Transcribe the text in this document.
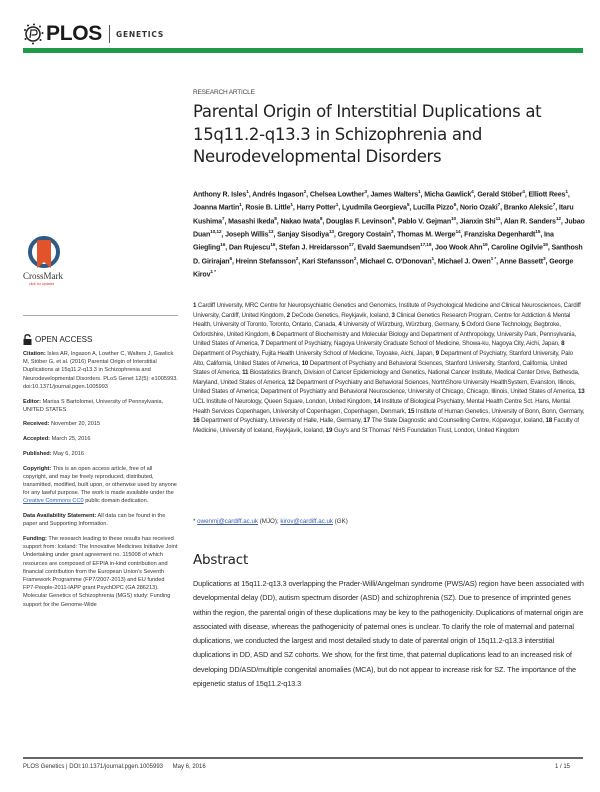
PLOS GENETICS
CrossMark
click for updates
OPEN ACCESS

Citation: Isles AR, Ingason A, Lowther C, Walters J, Gawlick M, Stöber G, et al. (2016) Parental Origin of Interstitial Duplications at 15q11.2-q13.3 in Schizophrenia and Neurodevelopmental Disorders. PLoS Genet 12(5): e1005993. doi:10.1371/journal.pgen.1005993

Editor: Marisa S Bartolomei, University of Pennsylvania, UNITED STATES

Received: November 20, 2015

Accepted: March 25, 2016

Published: May 6, 2016

Copyright: This is an open access article, free of all copyright, and may be freely reproduced, distributed, transmitted, modified, built upon, or otherwise used by anyone for any lawful purpose. The work is made available under the Creative Commons CC0 public domain dedication.

Data Availability Statement: All data can be found in the paper and Supporting Information.

Funding: The research leading to these results has received support from: Iceland: The Innovative Medicines Initiative Joint Undertaking under grant agreement no. 115008 of which resources are composed of EFPIA in-kind contribution and financial contribution from the European Union's Seventh Framework Programme (FP7/2007-2013) and EU funded FP7-People-2011-IAPP grant PsychDPC (GA 286213). Molecular Genetics of Schizophrenia (MGS) study: Funding support for the Genome-Wide

RESEARCH ARTICLE
Parental Origin of Interstitial Duplications at
15q11.2-q13.3 in Schizophrenia and
Neurodevelopmental Disorders
Anthony R. Isles$^1$, Andrés Ingason$^2$, Chelsea Lowther$^3$, James Walters$^1$, Micha Gawlick$^4$, Gerald Stöber$^4$, Elliott Rees$^1$, Joanna Martin$^1$, Rosie B. Little$^1$, Harry Potter$^1$, Lyudmila Georgieva$^5$, Lucilla Pizzo$^6$, Norio Ozaki$^7$, Branko Aleksic$^7$, Itaru Kushima$^7$, Masashi Ikeda$^8$, Nakao Iwata$^8$, Douglas F. Levinson$^9$, Pablo V. Gejman$^{10}$, Jianxin Shi$^{11}$, Alan R. Sanders$^{12}$, Jubao Duan$^{10,12}$, Joseph Willis$^{13}$, Sanjay Sisodiya$^{13}$, Gregory Costain$^3$, Thomas M. Werge$^{14}$, Franziska Degenhardt$^{15}$, Ina Giegling$^{16}$, Dan Rujescu$^{16}$, Stefan J. Hreidarsson$^{17}$, Evald Saemundsen$^{17,18}$, Joo Wook Ahn$^{19}$, Caroline Ogilvie$^{19}$, Santhosh D. Girirajan$^6$, Hreinn Stefansson$^2$, Kari Stefansson$^2$, Michael C. O'Donovan$^1$, Michael J. Owen$^{1 *}$, Anne Bassett$^3$, George Kirov$^{1 *}$
1 Cardiff University, MRC Centre for Neuropsychiatric Genetics and Genomics, Institute of Psychological Medicine and Clinical Neurosciences, Cardiff University, Cardiff, United Kingdom, 2 DeCode Genetics, Reykjavik, Iceland, 3 Clinical Genetics Research Program, Centre for Addiction & Mental Health, University of Toronto, Toronto, Ontario, Canada, 4 University of Würzburg, Würzburg, Germany, 5 Oxford Gene Technology, Begbroke, Oxfordshire, United Kingdom, 6 Department of Biochemistry and Molecular Biology and Department of Anthropology, University Park, Pennsylvania, United States of America, 7 Department of Psychiatry, Nagoya University Graduate School of Medicine, Showa-ku, Nagoya City, Aichi, Japan, 8 Department of Psychiatry, Fujita Health University School of Medicine, Toyoake, Aichi, Japan, 9 Department of Psychiatry, Stanford University, Palo Alto, California, United States of America, 10 Department of Psychiatry and Behavioral Sciences, Stanford University, Stanford, California, United States of America, 11 Biostatistics Branch, Division of Cancer Epidemiology and Genetics, National Cancer Institute, Medical Center Drive, Bethesda, Maryland, United States of America, 12 Department of Psychiatry and Behavioral Sciences, NorthShore University HealthSystem, Evanston, Illinois, United States of America; Department of Psychiatry and Behavioral Neuroscience, University of Chicago, Chicago, Illinois, United States of America, 13 UCL Institute of Neurology, Queen Square, London, United Kingdom, 14 Institute of Biological Psychiatry, Mental Health Centre Sct. Hans, Mental Health Services Copenhagen, University of Copenhagen, Copenhagen, Denmark, 15 Institute of Human Genetics, University of Bonn, Bonn, Germany, 16 Department of Psychiatry, University of Halle, Halle, Germany, 17 The State Diagnostic and Counselling Centre, Kópavogur, Iceland, 18 Faculty of Medicine, University of Iceland, Reykjavik, Iceland, 19 Guy's and St Thomas' NHS Foundation Trust, London, United Kingdom
* owenmj@cardiff.ac.uk (MJO); kirov@cardiff.ac.uk (GK)
Abstract
Duplications at 15q11.2-q13.3 overlapping the Prader-Willi/Angelman syndrome (PWS/AS) region have been associated with developmental delay (DD), autism spectrum disorder (ASD) and schizophrenia (SZ). Due to presence of imprinted genes within the region, the parental origin of these duplications may be key to the pathogenicity. Duplications of maternal origin are associated with disease, whereas the pathogenicity of paternal ones is unclear. To clarify the role of maternal and paternal duplications, we conducted the largest and most detailed study to date of parental origin of 15q11.2-q13.3 interstitial duplications in DD, ASD and SZ cohorts. We show, for the first time, that paternal duplications lead to an increased risk of developing DD/ASD/multiple congenital anomalies (MCA), but do not appear to increase risk for SZ. The importance of the epigenetic status of 15q11.2-q13.3
PLOS Genetics | DOI:10.1371/journal.pgen.1005993 May 6, 2016	1 / 15
